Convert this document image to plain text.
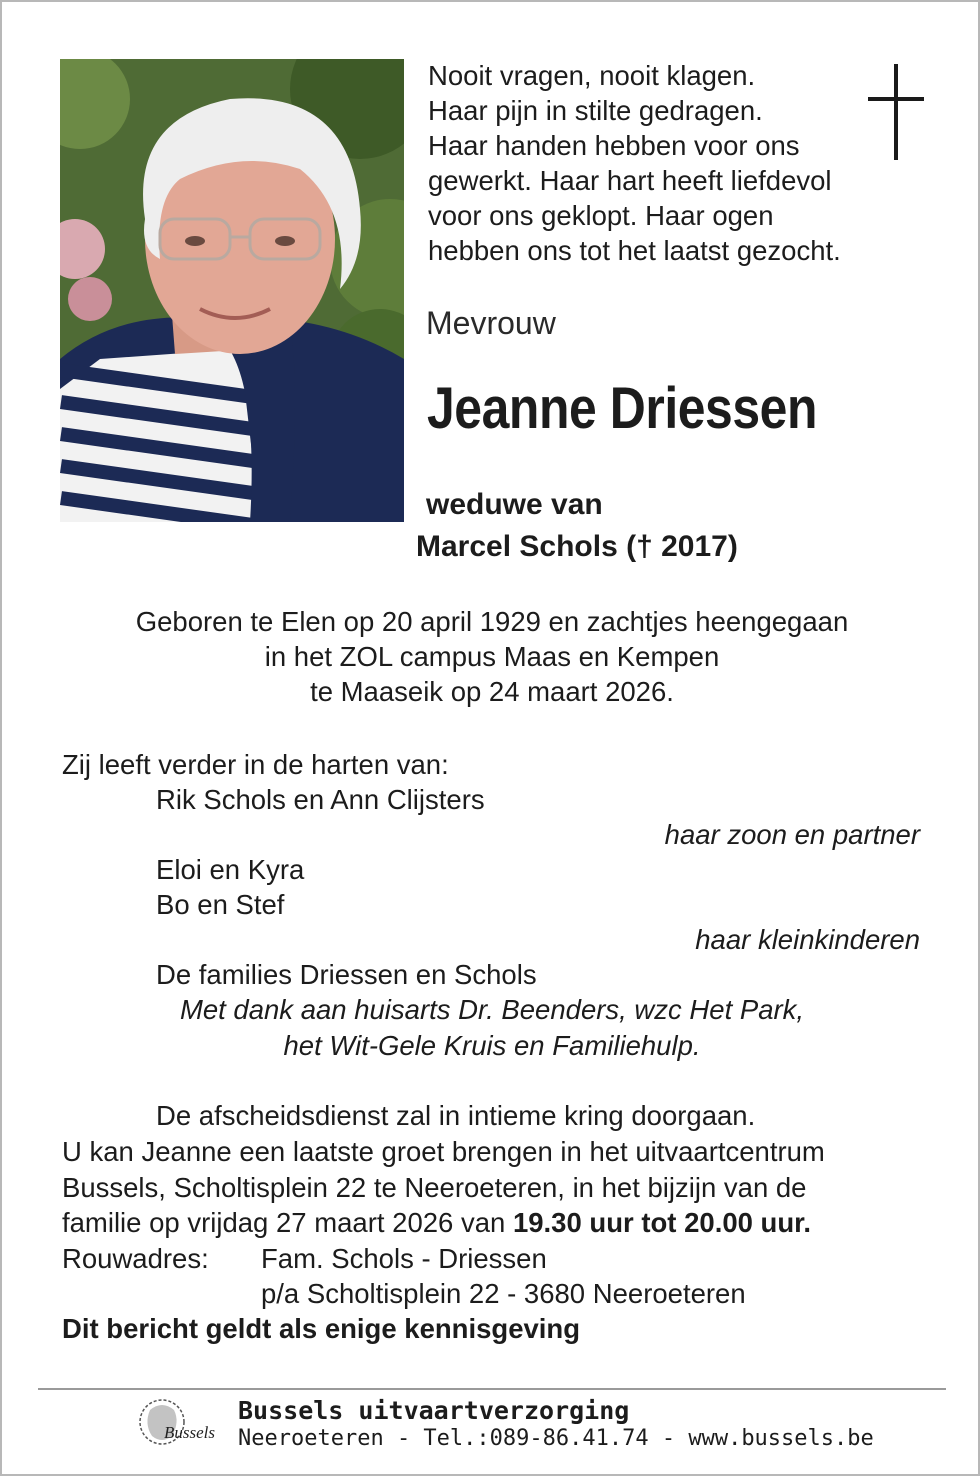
Nooit vragen, nooit klagen.
Haar pijn in stilte gedragen.
Haar handen hebben voor ons
gewerkt. Haar hart heeft liefdevol
voor ons geklopt. Haar ogen
hebben ons tot het laatst gezocht.
Mevrouw
Jeanne Driessen
weduwe van
Marcel Schols († 2017)
Geboren te Elen op 20 april 1929 en zachtjes heengegaan
in het ZOL campus Maas en Kempen
te Maaseik op 24 maart 2026.
Zij leeft verder in de harten van:
Rik Schols en Ann Clijsters
haar zoon en partner
Eloi en Kyra
Bo en Stef
haar kleinkinderen
De families Driessen en Schols
Met dank aan huisarts Dr. Beenders, wzc Het Park,
het Wit-Gele Kruis en Familiehulp.
De afscheidsdienst zal in intieme kring doorgaan.
U kan Jeanne een laatste groet brengen in het uitvaartcentrum
Bussels, Scholtisplein 22 te Neeroeteren, in het bijzijn van de
familie op vrijdag 27 maart 2026 van 19.30 uur tot 20.00 uur.
Rouwadres: Fam. Schols - Driessen
p/a Scholtisplein 22 - 3680 Neeroeteren
Dit bericht geldt als enige kennisgeving
Bussels
Bussels uitvaartverzorging
Neeroeteren - Tel.:089-86.41.74 - www.bussels.be
